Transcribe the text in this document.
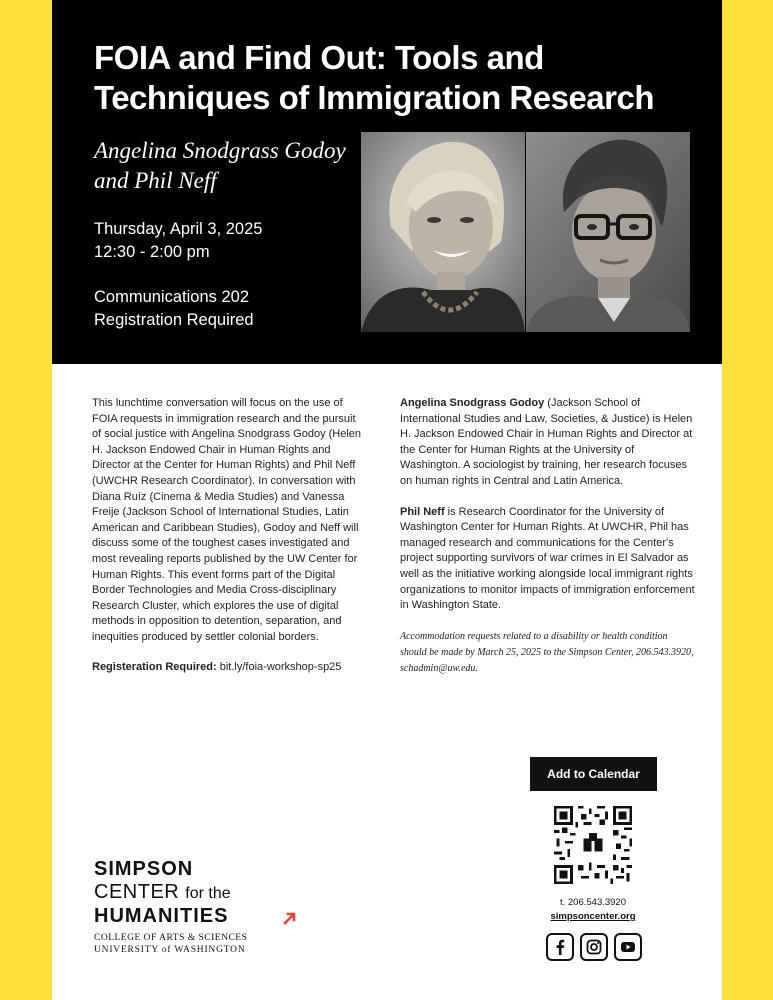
FOIA and Find Out: Tools and Techniques of Immigration Research
Angelina Snodgrass Godoy and Phil Neff
Thursday, April 3, 2025
12:30 - 2:00 pm
Communications 202
Registration Required

This lunchtime conversation will focus on the use of FOIA requests in immigration research and the pursuit of social justice with Angelina Snodgrass Godoy (Helen H. Jackson Endowed Chair in Human Rights and Director at the Center for Human Rights) and Phil Neff (UWCHR Research Coordinator). In conversation with Diana Ruíz (Cinema & Media Studies) and Vanessa Freije (Jackson School of International Studies, Latin American and Caribbean Studies), Godoy and Neff will discuss some of the toughest cases investigated and most revealing reports published by the UW Center for Human Rights. This event forms part of the Digital Border Technologies and Media Cross-disciplinary Research Cluster, which explores the use of digital methods in opposition to detention, separation, and inequities produced by settler colonial borders.

Registeration Required: bit.ly/foia-workshop-sp25

Angelina Snodgrass Godoy (Jackson School of International Studies and Law, Societies, & Justice) is Helen H. Jackson Endowed Chair in Human Rights and Director at the Center for Human Rights at the University of Washington. A sociologist by training, her research focuses on human rights in Central and Latin America.

Phil Neff is Research Coordinator for the University of Washington Center for Human Rights. At UWCHR, Phil has managed research and communications for the Center's project supporting survivors of war crimes in El Salvador as well as the initiative working alongside local immigrant rights organizations to monitor impacts of immigration enforcement in Washington State.

Accommodation requests related to a disability or health condition should be made by March 25, 2025 to the Simpson Center, 206.543.3920, schadmin@uw.edu.

Add to Calendar
t. 206.543.3920
simpsoncenter.org
SIMPSON
CENTER for the
HUMANITIES
COLLEGE OF ARTS & SCIENCES
UNIVERSITY of WASHINGTON
